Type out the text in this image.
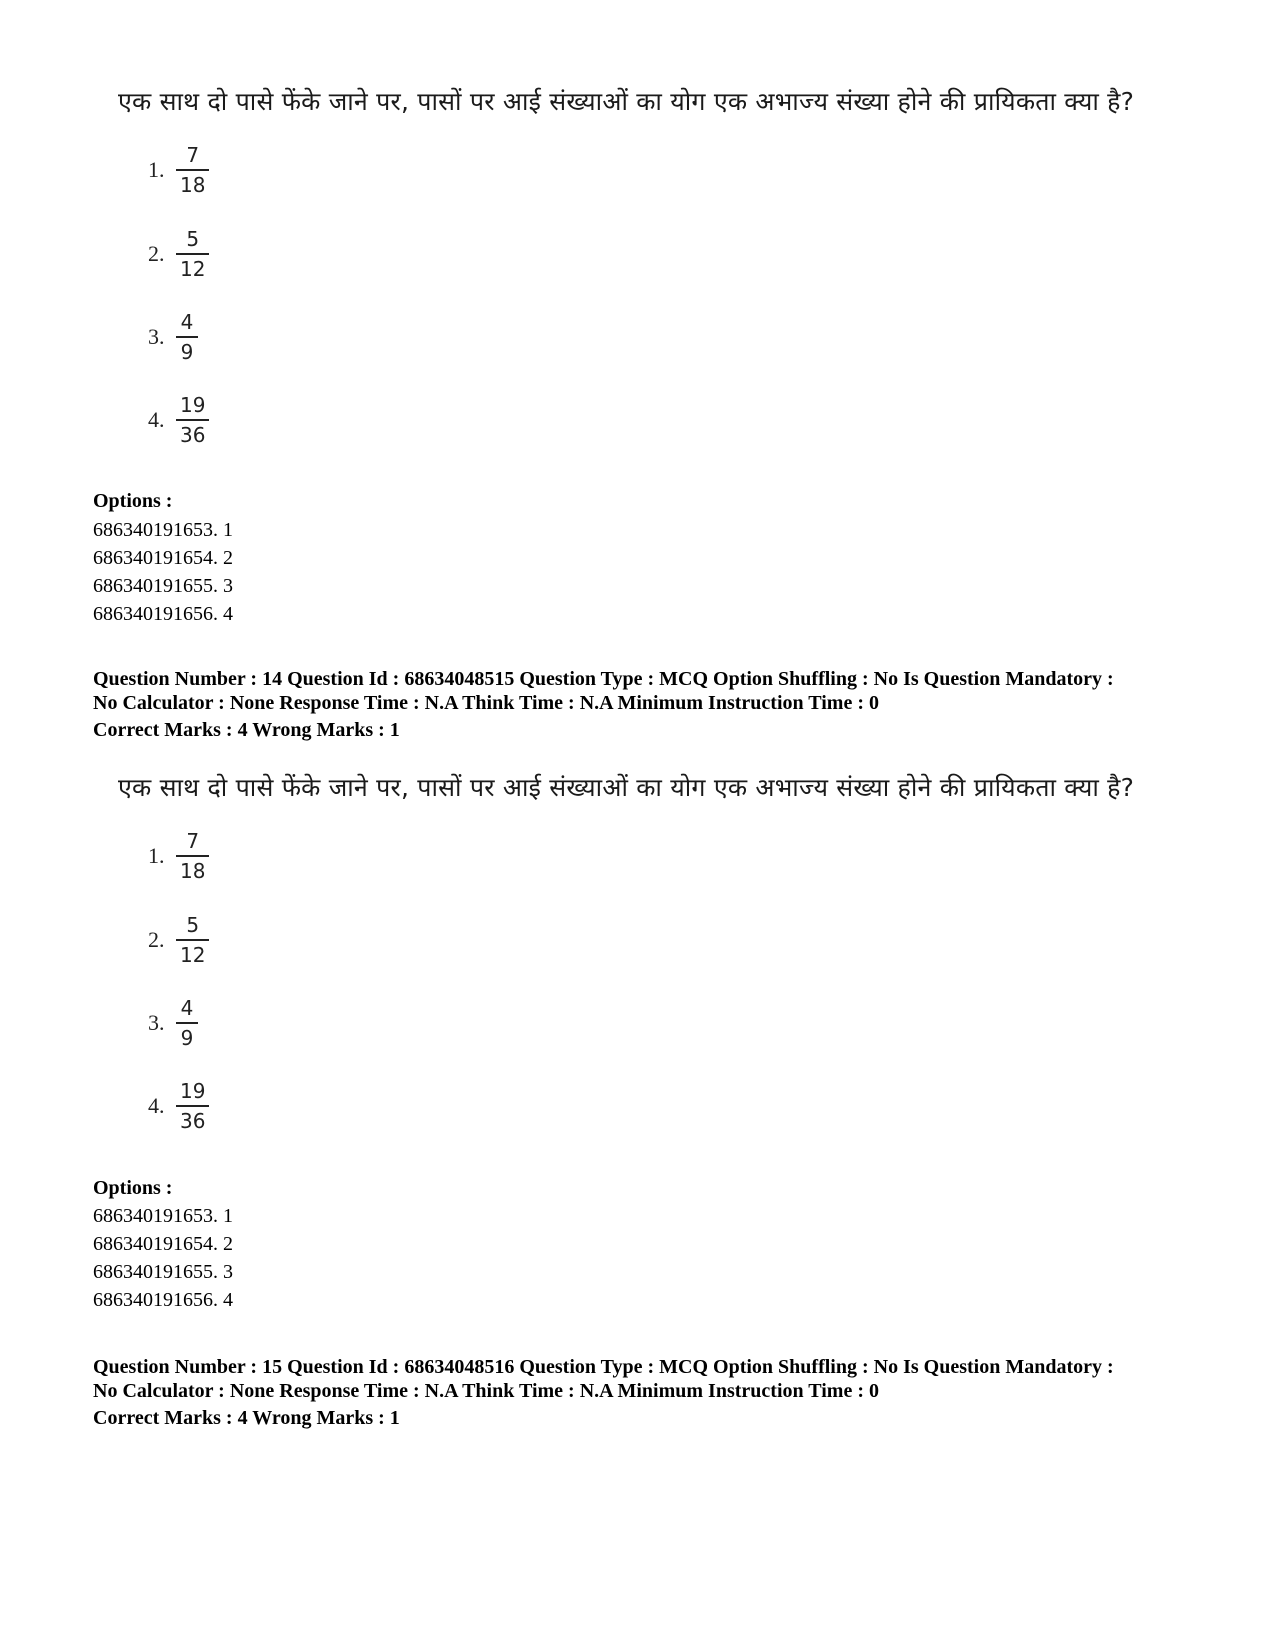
एक साथ दो पासे फेंके जाने पर, पासों पर आई संख्याओं का योग एक अभाज्य संख्या होने की प्रायिकता क्या है?
1. $\frac{7}{18}$
2. $\frac{5}{12}$
3. $\frac{4}{9}$
4. $\frac{19}{36}$
Options :
686340191653. 1
686340191654. 2
686340191655. 3
686340191656. 4
Question Number : 14 Question Id : 68634048515 Question Type : MCQ Option Shuffling : No Is Question Mandatory :
No Calculator : None Response Time : N.A Think Time : N.A Minimum Instruction Time : 0
Correct Marks : 4 Wrong Marks : 1
एक साथ दो पासे फेंके जाने पर, पासों पर आई संख्याओं का योग एक अभाज्य संख्या होने की प्रायिकता क्या है?
1. $\frac{7}{18}$
2. $\frac{5}{12}$
3. $\frac{4}{9}$
4. $\frac{19}{36}$
Options :
686340191653. 1
686340191654. 2
686340191655. 3
686340191656. 4
Question Number : 15 Question Id : 68634048516 Question Type : MCQ Option Shuffling : No Is Question Mandatory :
No Calculator : None Response Time : N.A Think Time : N.A Minimum Instruction Time : 0
Correct Marks : 4 Wrong Marks : 1
